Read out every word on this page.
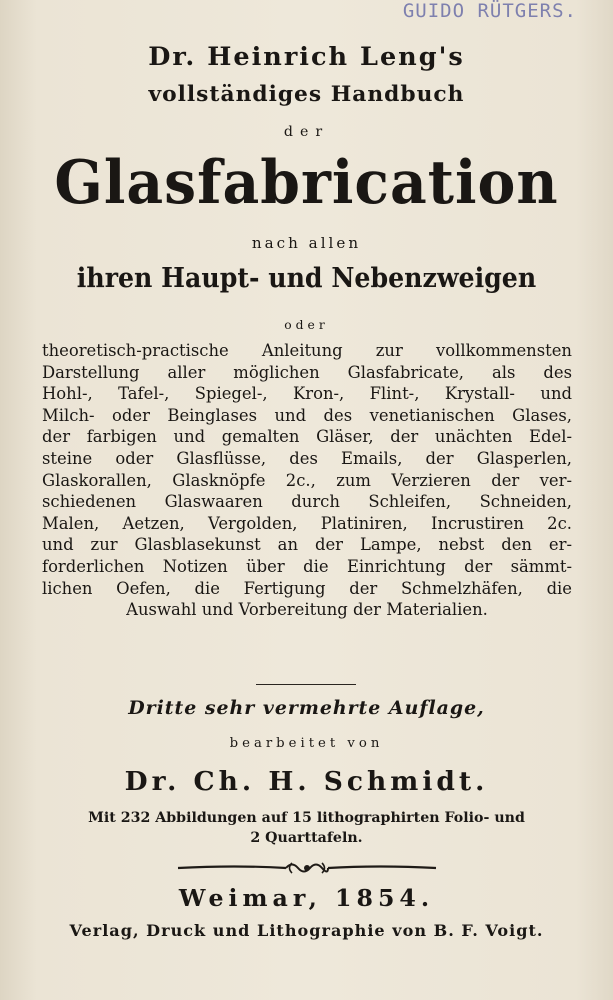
GUIDO RÜTGERS.
Dr. Heinrich Leng's
vollständiges Handbuch
der
Glasfabrication
nach allen
ihren Haupt- und Nebenzweigen
oder
theoretisch-practische Anleitung zur vollkommensten
Darstellung aller möglichen Glasfabricate, als des
Hohl-, Tafel-, Spiegel-, Kron-, Flint-, Krystall- und
Milch- oder Beinglases und des venetianischen Glases,
der farbigen und gemalten Gläser, der unächten Edel-
steine oder Glasflüsse, des Emails, der Glasperlen,
Glaskorallen, Glasknöpfe 2c., zum Verzieren der ver-
schiedenen Glaswaaren durch Schleifen, Schneiden,
Malen, Aetzen, Vergolden, Platiniren, Incrustiren 2c.
und zur Glasblasekunst an der Lampe, nebst den er-
forderlichen Notizen über die Einrichtung der sämmt-
lichen Oefen, die Fertigung der Schmelzhäfen, die
Auswahl und Vorbereitung der Materialien.
Dritte sehr vermehrte Auflage,
bearbeitet von
Dr. Ch. H. Schmidt.
Mit 232 Abbildungen auf 15 lithographirten Folio- und
2 Quarttafeln.
Weimar, 1854.
Verlag, Druck und Lithographie von B. F. Voigt.
